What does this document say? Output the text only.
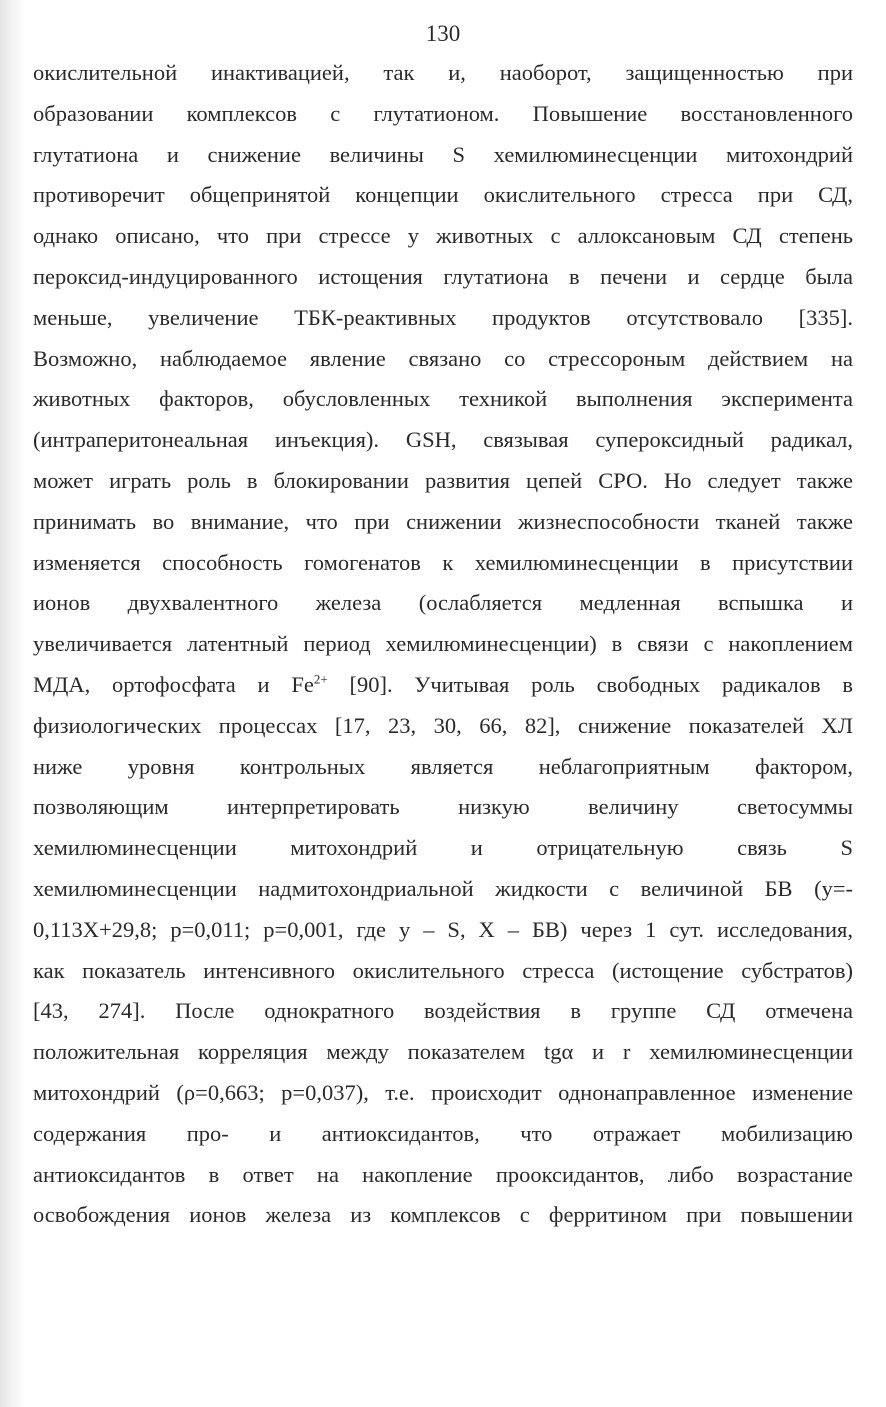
130
окислительной инактивацией, так и, наоборот, защищенностью при
образовании комплексов с глутатионом. Повышение восстановленного
глутатиона и снижение величины S хемилюминесценции митохондрий
противоречит общепринятой концепции окислительного стресса при СД,
однако описано, что при стрессе у животных с аллоксановым СД степень
пероксид-индуцированного истощения глутатиона в печени и сердце была
меньше, увеличение ТБК-реактивных продуктов отсутствовало [335].
Возможно, наблюдаемое явление связано со стрессороным действием на
животных факторов, обусловленных техникой выполнения эксперимента
(интраперитонеальная инъекция). GSH, связывая супероксидный радикал,
может играть роль в блокировании развития цепей СРО. Но следует также
принимать во внимание, что при снижении жизнеспособности тканей также
изменяется способность гомогенатов к хемилюминесценции в присутствии
ионов двухвалентного железа (ослабляется медленная вспышка и
увеличивается латентный период хемилюминесценции) в связи с накоплением
МДА, ортофосфата и $Fe^{2+}$ [90]. Учитывая роль свободных радикалов в
физиологических процессах [17, 23, 30, 66, 82], снижение показателей ХЛ
ниже уровня контрольных является неблагоприятным фактором,
позволяющим интерпретировать низкую величину светосуммы
хемилюминесценции митохондрий и отрицательную связь S
хемилюминесценции надмитохондриальной жидкости с величиной БВ (y=-
0,113X+29,8; p=0,011; p=0,001, где y – S, X – БВ) через 1 сут. исследования,
как показатель интенсивного окислительного стресса (истощение субстратов)
[43, 274]. После однократного воздействия в группе СД отмечена
положительная корреляция между показателем tgα и r хемилюминесценции
митохондрий (ρ=0,663; p=0,037), т.е. происходит однонаправленное изменение
содержания про- и антиоксидантов, что отражает мобилизацию
антиоксидантов в ответ на накопление прооксидантов, либо возрастание
освобождения ионов железа из комплексов с ферритином при повышении
